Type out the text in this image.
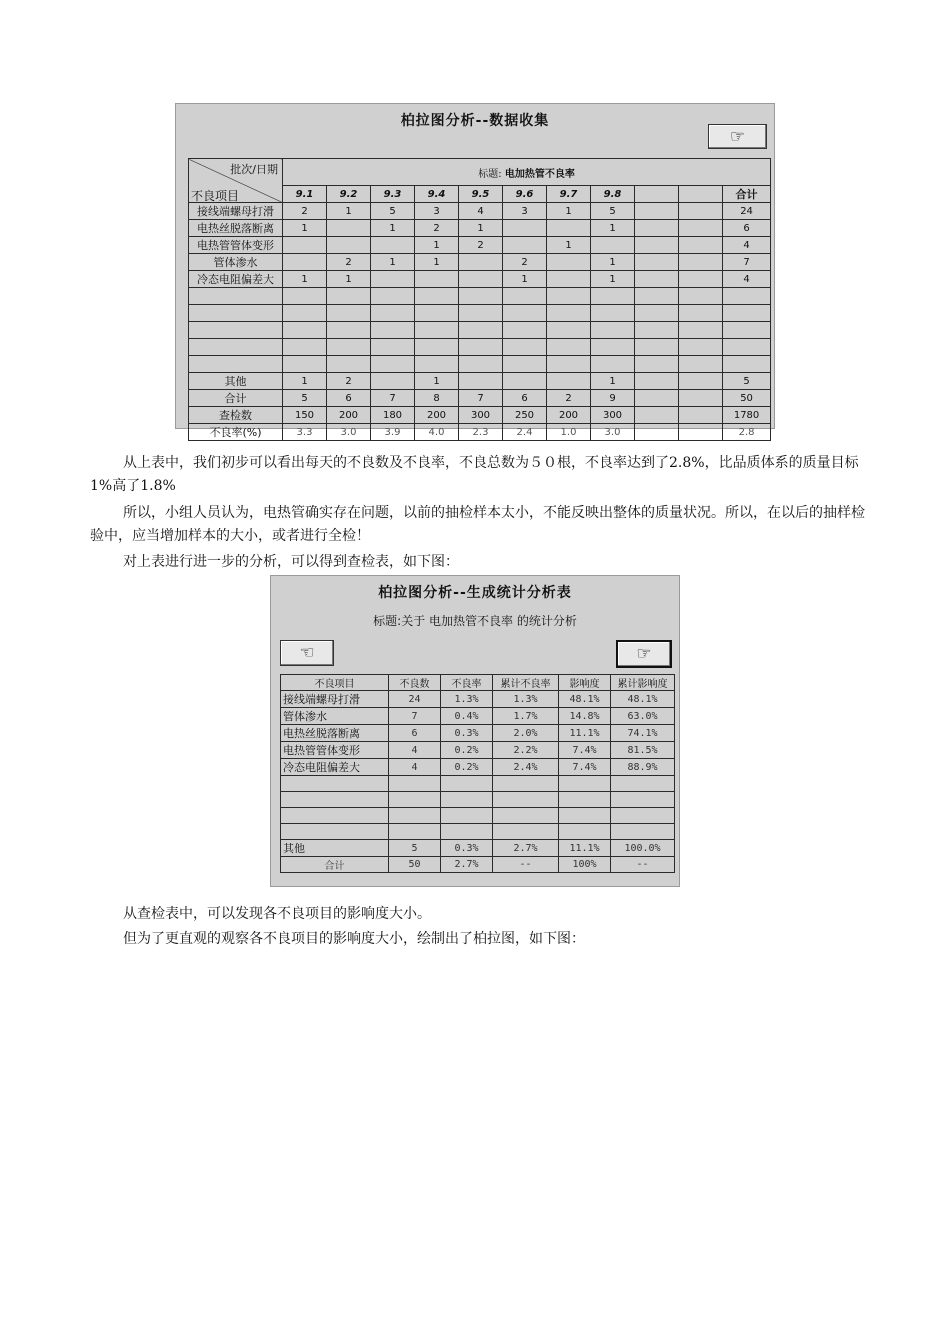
柏拉图分析--数据收集
☞
批次/日期
不良项目	标题: 电加热管不良率										
	9.1	9.2	9.3	9.4	9.5	9.6	9.7	9.8			合计
接线端螺母打滑	2	1	5	3	4	3	1	5			24
电热丝脱落断离	1		1	2	1			1			6
电热管管体变形				1	2		1				4
管体渗水		2	1	1		2		1			7
冷态电阻偏差大	1	1				1		1			4

其他	1	2		1				1			5
合计	5	6	7	8	7	6	2	9			50
查检数	150	200	180	200	300	250	200	300			1780
不良率(%)	3.3	3.0	3.9	4.0	2.3	2.4	1.0	3.0			2.8

从上表中，我们初步可以看出每天的不良数及不良率，不良总数为５０根，不良率达到了2.8%，比品质体系的质量目标1%高了1.8%

所以，小组人员认为，电热管确实存在问题，以前的抽检样本太小，不能反映出整体的质量状况。所以，在以后的抽样检验中，应当增加样本的大小，或者进行全检！

对上表进行进一步的分析，可以得到查检表，如下图：

柏拉图分析--生成统计分析表
标题:关于 电加热管不良率 的统计分析
☜	☞
不良项目	不良数	不良率	累计不良率	影响度	累计影响度
接线端螺母打滑	24	1.3%	1.3%	48.1%	48.1%
管体渗水	7	0.4%	1.7%	14.8%	63.0%
电热丝脱落断离	6	0.3%	2.0%	11.1%	74.1%
电热管管体变形	4	0.2%	2.2%	7.4%	81.5%
冷态电阻偏差大	4	0.2%	2.4%	7.4%	88.9%

其他	5	0.3%	2.7%	11.1%	100.0%
合计	50	2.7%	--	100%	--

从查检表中，可以发现各不良项目的影响度大小。

但为了更直观的观察各不良项目的影响度大小，绘制出了柏拉图，如下图：
